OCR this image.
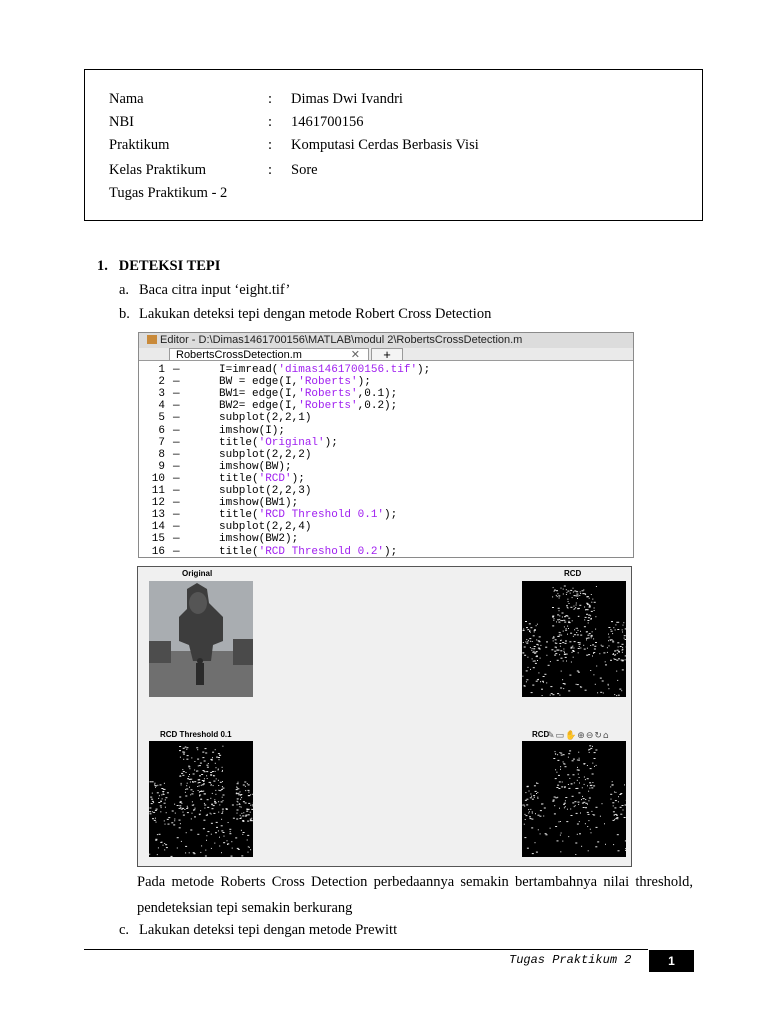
Nama	: Dimas Dwi Ivandri
NBI	: 1461700156
Praktikum	: Komputasi Cerdas Berbasis Visi
Kelas Praktikum	: Sore
Tugas Praktikum - 2
1. DETEKSI TEPI
a. Baca citra input ‘eight.tif’
b. Lakukan deteksi tepi dengan metode Robert Cross Detection
Editor - D:\Dimas1461700156\MATLAB\modul 2\RobertsCrossDetection.m
RobertsCrossDetection.m	✕	+
1 —	I=imread('dimas1461700156.tif');
2 —	BW = edge(I,'Roberts');
3 —	BW1= edge(I,'Roberts',0.1);
4 —	BW2= edge(I,'Roberts',0.2);
5 —	subplot(2,2,1)
6 —	imshow(I);
7 —	title('Original');
8 —	subplot(2,2,2)
9 —	imshow(BW);
10 —	title('RCD');
11 —	subplot(2,2,3)
12 —	imshow(BW1);
13 —	title('RCD Threshold 0.1');
14 —	subplot(2,2,4)
15 —	imshow(BW2);
16 —	title('RCD Threshold 0.2');
Original	RCD
RCD Threshold 0.1	RCD
✎▭✋⊕⊖↻⌂
Pada metode Roberts Cross Detection perbedaannya semakin bertambahnya nilai threshold, pendeteksian tepi semakin berkurang
c. Lakukan deteksi tepi dengan metode Prewitt
Tugas Praktikum 2	1
